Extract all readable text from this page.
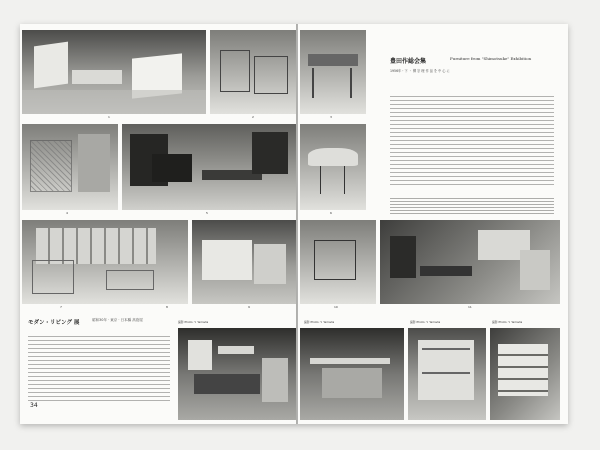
モダン・リビング 展	昭和30年 · 東京 · 日本橋 高島屋
34
撮影 Photo: Y. Yamada
豊田作総会集	Furniture from "Shimotsuke" Exhibition
1956年・下 ・ 柳 宗 理 作 品 を 中 心 に
撮影 Photo: Y. Yamada	撮影 Photo: Y. Yamada	撮影 Photo: Y. Yamada
1	2	3
4	5	6
7	8	9	10	11
